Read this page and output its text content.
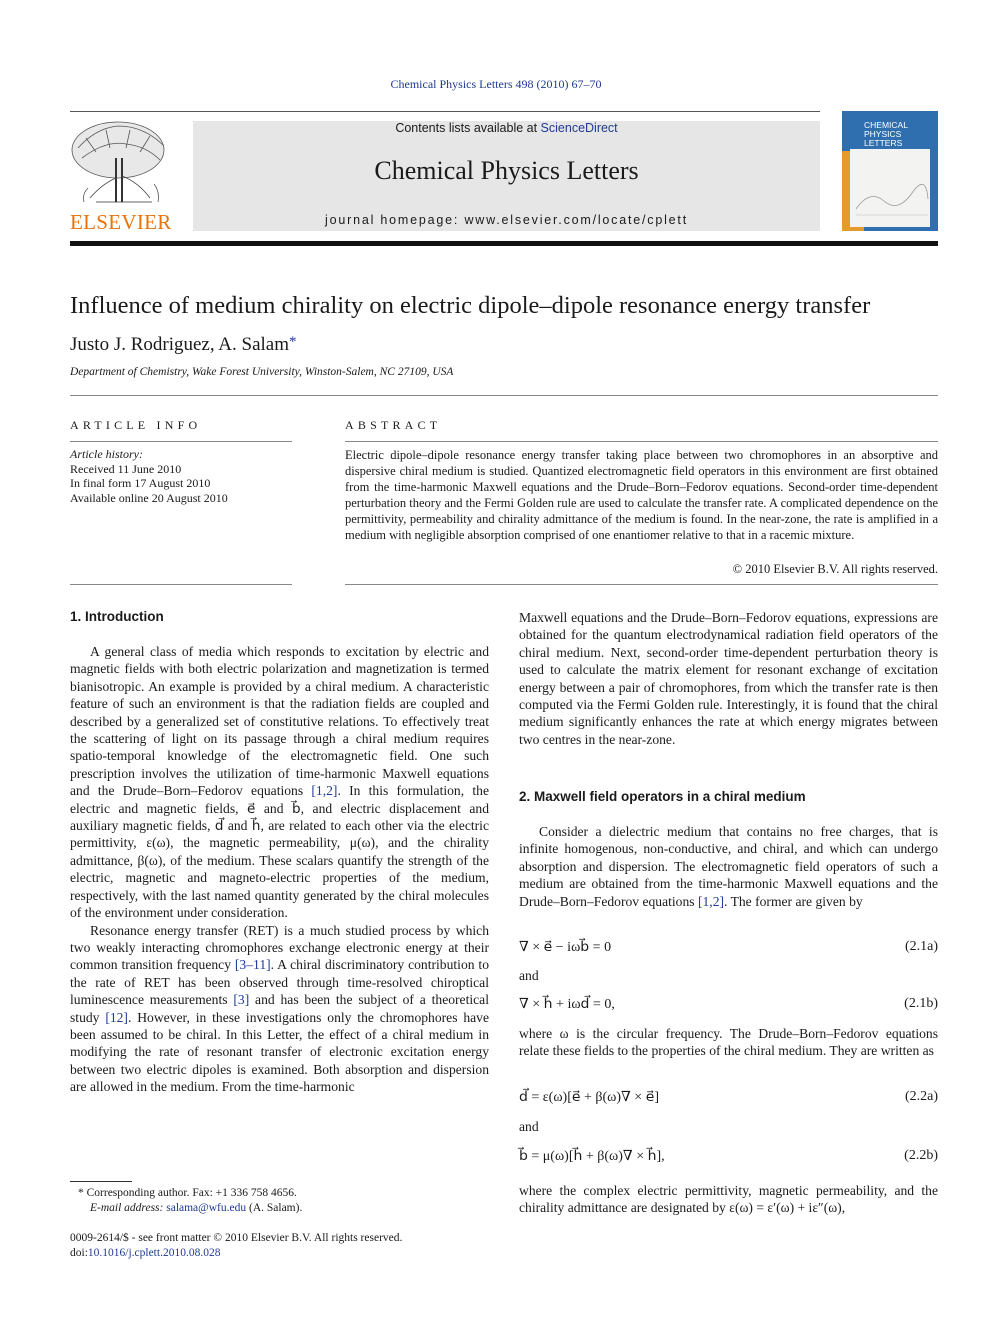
Chemical Physics Letters 498 (2010) 67–70
ELSEVIER
Contents lists available at ScienceDirect
Chemical Physics Letters
journal homepage: www.elsevier.com/locate/cplett
CHEMICAL
PHYSICS
LETTERS
Influence of medium chirality on electric dipole–dipole resonance energy transfer
Justo J. Rodriguez, A. Salam*
Department of Chemistry, Wake Forest University, Winston-Salem, NC 27109, USA
ARTICLE INFO
Article history:
Received 11 June 2010
In final form 17 August 2010
Available online 20 August 2010
ABSTRACT
Electric dipole–dipole resonance energy transfer taking place between two chromophores in an absorptive and dispersive chiral medium is studied. Quantized electromagnetic field operators in this environment are first obtained from the time-harmonic Maxwell equations and the Drude–Born–Fedorov equations. Second-order time-dependent perturbation theory and the Fermi Golden rule are used to calculate the transfer rate. A complicated dependence on the permittivity, permeability and chirality admittance of the medium is found. In the near-zone, the rate is amplified in a medium with negligible absorption comprised of one enantiomer relative to that in a racemic mixture.
© 2010 Elsevier B.V. All rights reserved.
1. Introduction

A general class of media which responds to excitation by electric and magnetic fields with both electric polarization and magnetization is termed bianisotropic. An example is provided by a chiral medium. A characteristic feature of such an environment is that the radiation fields are coupled and described by a generalized set of constitutive relations. To effectively treat the scattering of light on its passage through a chiral medium requires spatio-temporal knowledge of the electromagnetic field. One such prescription involves the utilization of time-harmonic Maxwell equations and the Drude–Born–Fedorov equations [1,2]. In this formulation, the electric and magnetic fields, e⃗ and b⃗, and electric displacement and auxiliary magnetic fields, d⃗ and h⃗, are related to each other via the electric permittivity, ε(ω), the magnetic permeability, μ(ω), and the chirality admittance, β(ω), of the medium. These scalars quantify the strength of the electric, magnetic and magneto-electric properties of the medium, respectively, with the last named quantity generated by the chiral molecules of the environment under consideration.

Resonance energy transfer (RET) is a much studied process by which two weakly interacting chromophores exchange electronic energy at their common transition frequency [3–11]. A chiral discriminatory contribution to the rate of RET has been observed through time-resolved chiroptical luminescence measurements [3] and has been the subject of a theoretical study [12]. However, in these investigations only the chromophores have been assumed to be chiral. In this Letter, the effect of a chiral medium in modifying the rate of resonant transfer of electronic excitation energy between two electric dipoles is examined. Both absorption and dispersion are allowed in the medium. From the time-harmonic

* Corresponding author. Fax: +1 336 758 4656.
E-mail address: salama@wfu.edu (A. Salam).
0009-2614/$ - see front matter © 2010 Elsevier B.V. All rights reserved.
doi:10.1016/j.cplett.2010.08.028
Maxwell equations and the Drude–Born–Fedorov equations, expressions are obtained for the quantum electrodynamical radiation field operators of the chiral medium. Next, second-order time-dependent perturbation theory is used to calculate the matrix element for resonant exchange of excitation energy between a pair of chromophores, from which the transfer rate is then computed via the Fermi Golden rule. Interestingly, it is found that the chiral medium significantly enhances the rate at which energy migrates between two centres in the near-zone.
2. Maxwell field operators in a chiral medium

Consider a dielectric medium that contains no free charges, that is infinite homogenous, non-conductive, and chiral, and which can undergo absorption and dispersion. The electromagnetic field operators of such a medium are obtained from the time-harmonic Maxwell equations and the Drude–Born–Fedorov equations [1,2]. The former are given by

∇ × e⃗ − iωb⃗ = 0	(2.1a)
and
∇ × h⃗ + iωd⃗ = 0,	(2.1b)
where ω is the circular frequency. The Drude–Born–Fedorov equations relate these fields to the properties of the chiral medium. They are written as
d⃗ = ε(ω)[e⃗ + β(ω)∇ × e⃗]	(2.2a)
and
b⃗ = μ(ω)[h⃗ + β(ω)∇ × h⃗],	(2.2b)
where the complex electric permittivity, magnetic permeability, and the chirality admittance are designated by ε(ω) = ε′(ω) + iε″(ω),
